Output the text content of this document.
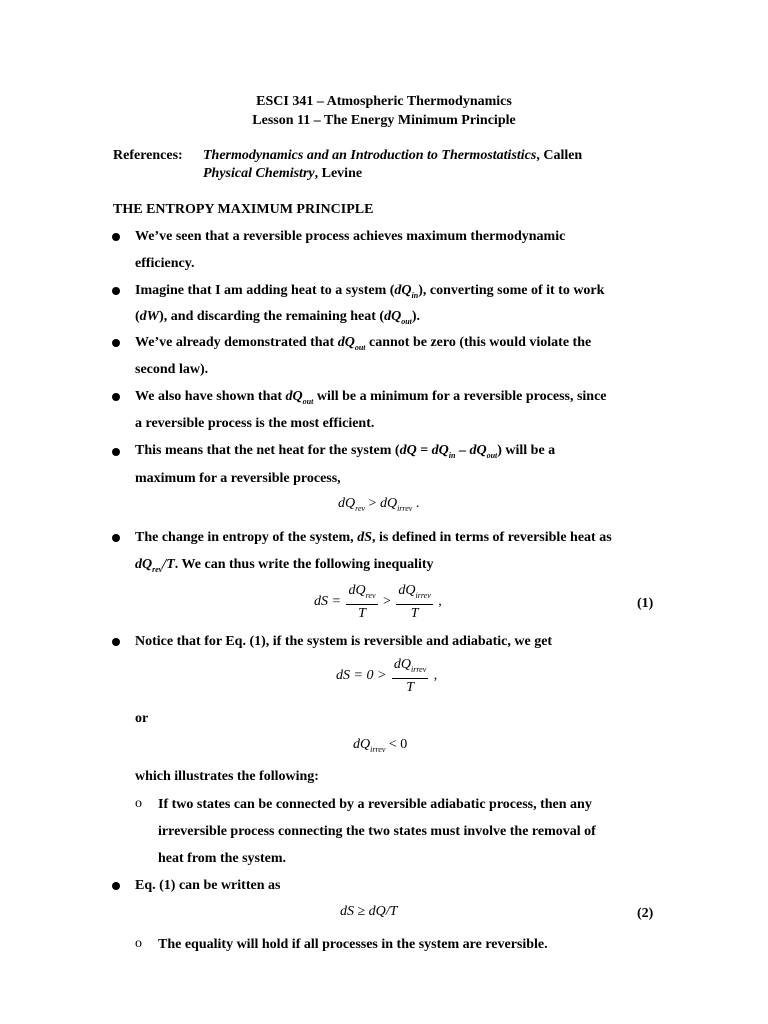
ESCI 341 – Atmospheric Thermodynamics
Lesson 11 – The Energy Minimum Principle
References: Thermodynamics and an Introduction to Thermostatistics, Callen
Physical Chemistry, Levine
THE ENTROPY MAXIMUM PRINCIPLE
We’ve seen that a reversible process achieves maximum thermodynamic
efficiency.
Imagine that I am adding heat to a system $(dQ_{in})$, converting some of it to work
(dW), and discarding the remaining heat $(dQ_{out})$.
We’ve already demonstrated that $dQ_{out}$ cannot be zero (this would violate the
second law).
We also have shown that $dQ_{out}$ will be a minimum for a reversible process, since
a reversible process is the most efficient.
This means that the net heat for the system $(dQ = dQ_{in} - dQ_{out})$ will be a
maximum for a reversible process,
$dQ_{rev} > dQ_{irrev}$ .
The change in entropy of the system, dS, is defined in terms of reversible heat as
$dQ_{rev}/T$. We can thus write the following inequality
dS = $\frac{dQ_{rev}}{T} > \frac{dQ_{irrev}}{T}$ ,	(1)
Notice that for Eq. (1), if the system is reversible and adiabatic, we get
dS = $0 > \frac{dQ_{irrev}}{T}$ ,
or
$dQ_{irrev} < 0$
which illustrates the following:
o If two states can be connected by a reversible adiabatic process, then any
irreversible process connecting the two states must involve the removal of
heat from the system.
Eq. (1) can be written as
dS ≥ dQ/T	(2)
o The equality will hold if all processes in the system are reversible.
